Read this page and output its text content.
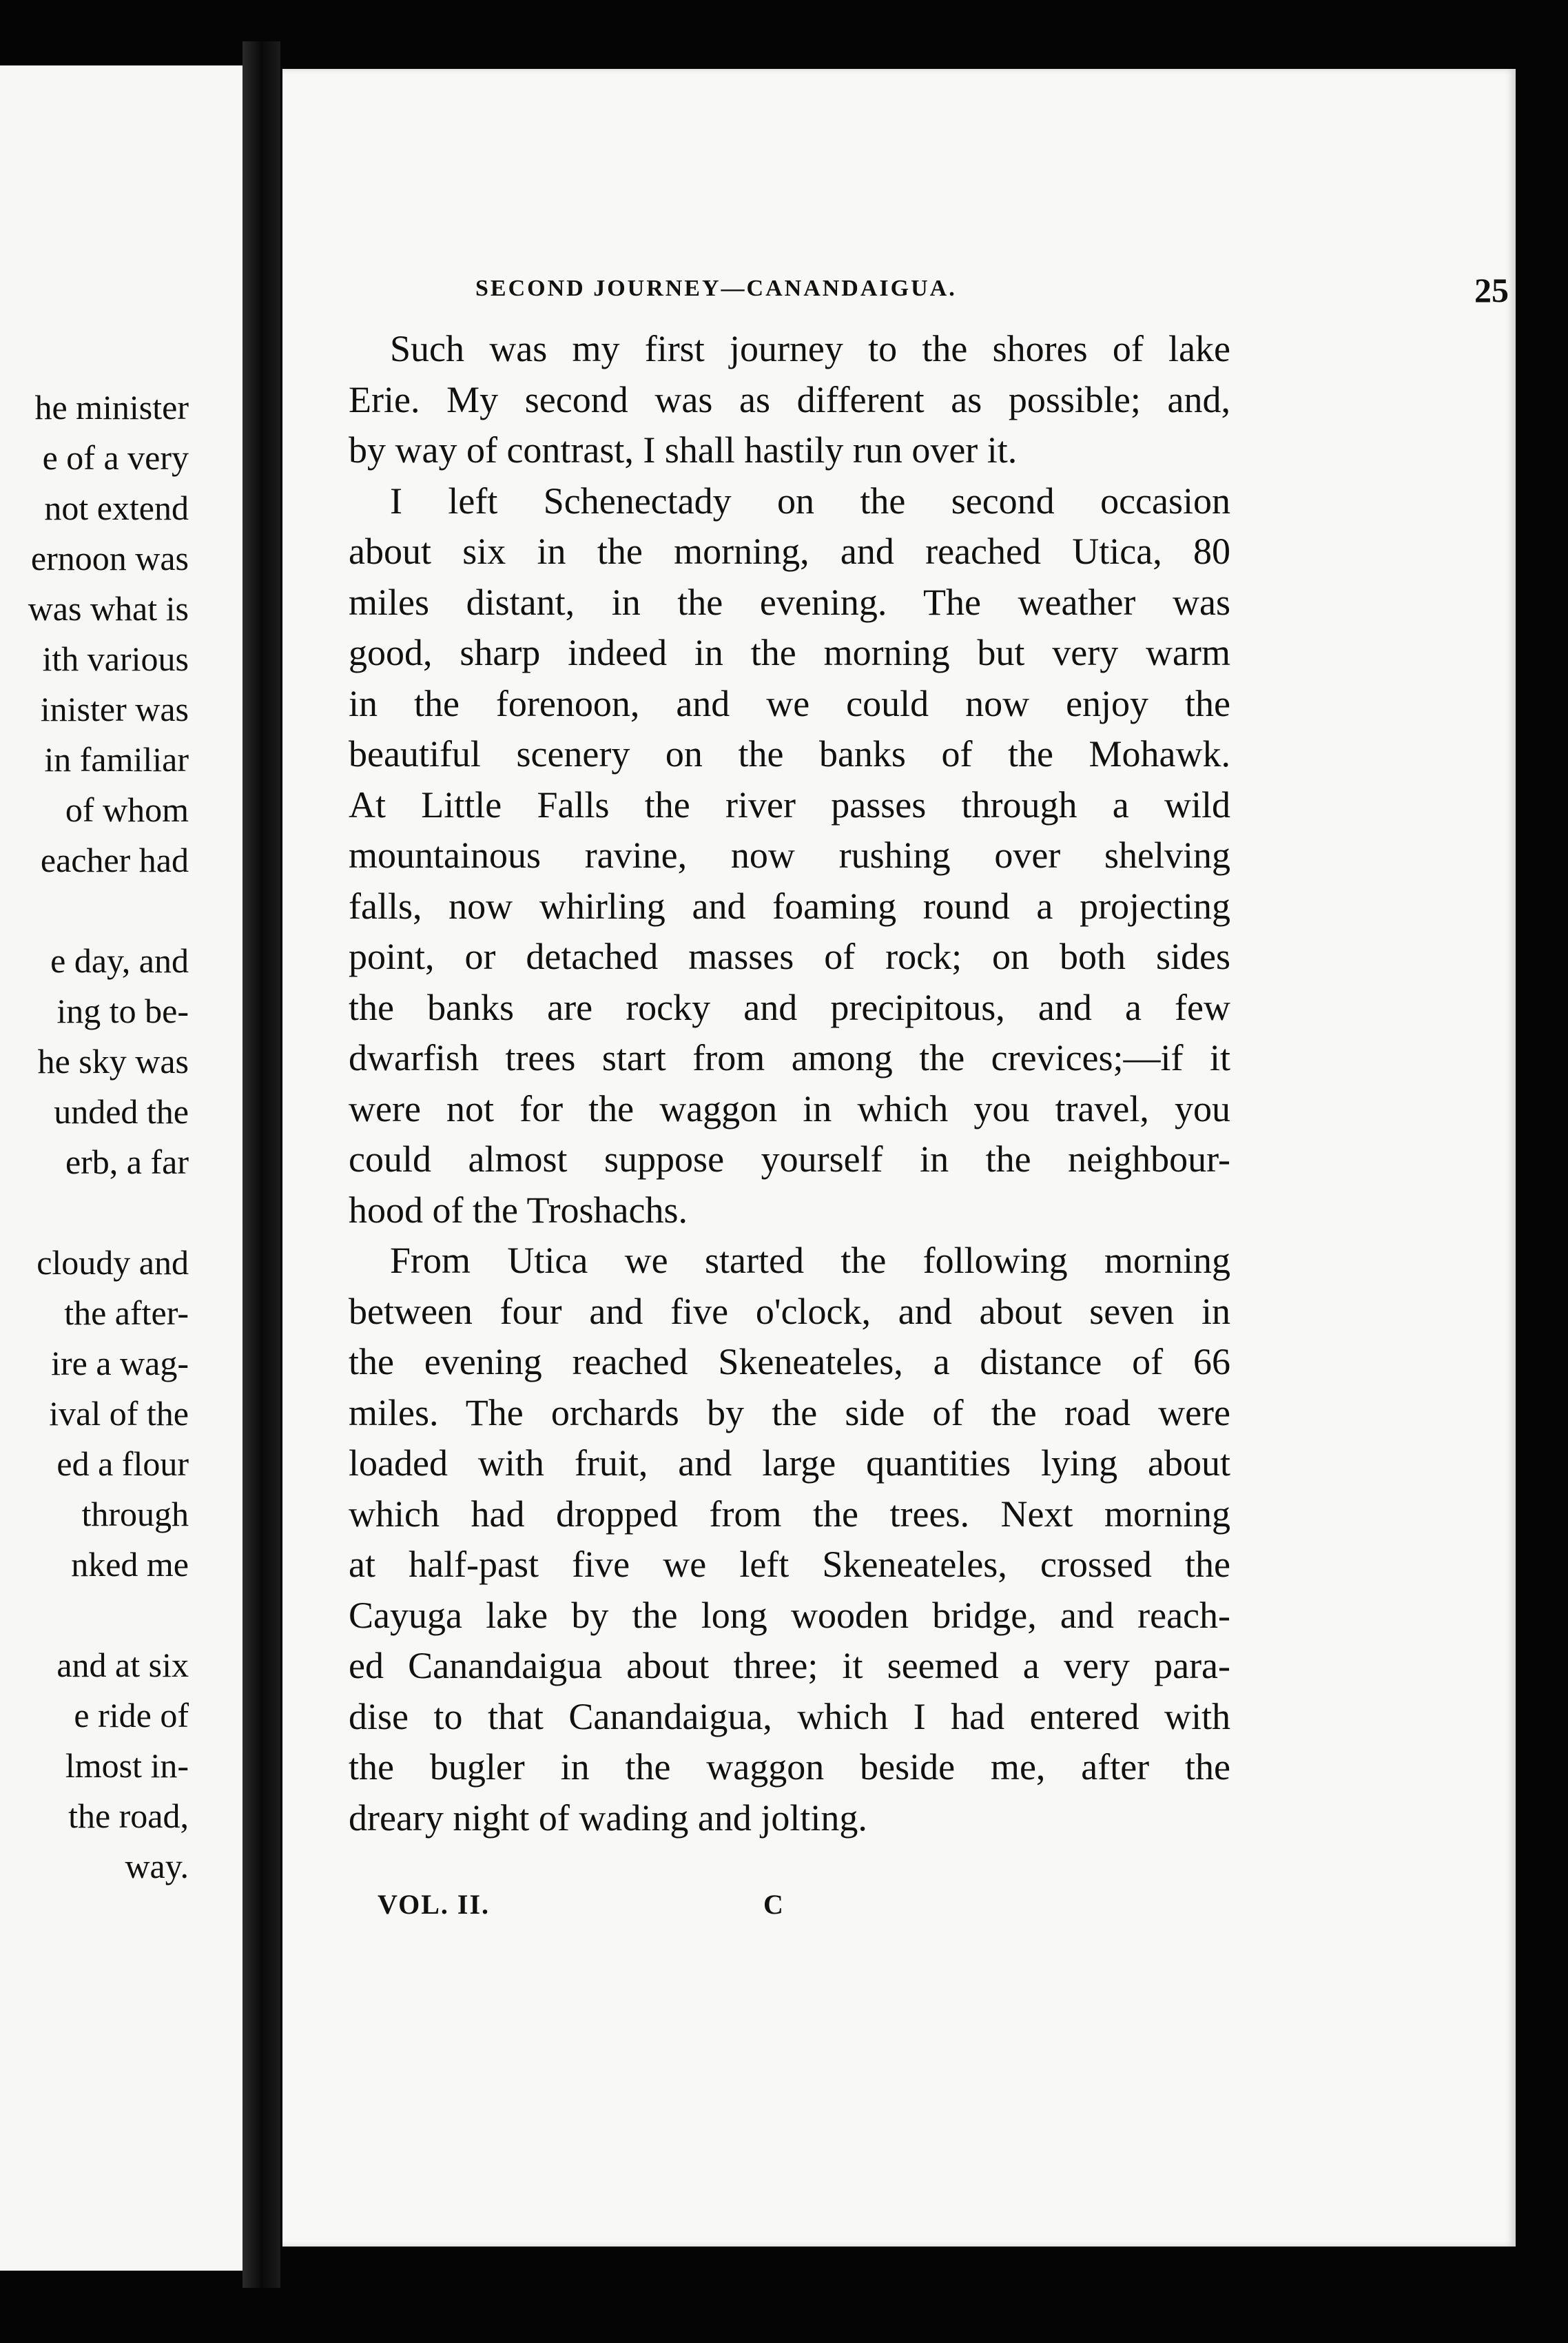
he minister
e of a very
not extend
ernoon was
was what is
ith various
inister was
in familiar
of whom
eacher had
e day, and
ing to be-
he sky was
unded the
erb, a far
cloudy and
the after-
ire a wag-
ival of the
ed a flour
through
nked me
and at six
e ride of
lmost in-
the road,
way.
SECOND JOURNEY—CANANDAIGUA.	25
Such was my first journey to the shores of lake
Erie. My second was as different as possible; and,
by way of contrast, I shall hastily run over it.
I left Schenectady on the second occasion
about six in the morning, and reached Utica, 80
miles distant, in the evening. The weather was
good, sharp indeed in the morning but very warm
in the forenoon, and we could now enjoy the
beautiful scenery on the banks of the Mohawk.
At Little Falls the river passes through a wild
mountainous ravine, now rushing over shelving
falls, now whirling and foaming round a projecting
point, or detached masses of rock; on both sides
the banks are rocky and precipitous, and a few
dwarfish trees start from among the crevices;—if it
were not for the waggon in which you travel, you
could almost suppose yourself in the neighbour-
hood of the Troshachs.
From Utica we started the following morning
between four and five o'clock, and about seven in
the evening reached Skeneateles, a distance of 66
miles. The orchards by the side of the road were
loaded with fruit, and large quantities lying about
which had dropped from the trees. Next morning
at half-past five we left Skeneateles, crossed the
Cayuga lake by the long wooden bridge, and reach-
ed Canandaigua about three; it seemed a very para-
dise to that Canandaigua, which I had entered with
the bugler in the waggon beside me, after the
dreary night of wading and jolting.
VOL. II.	C
